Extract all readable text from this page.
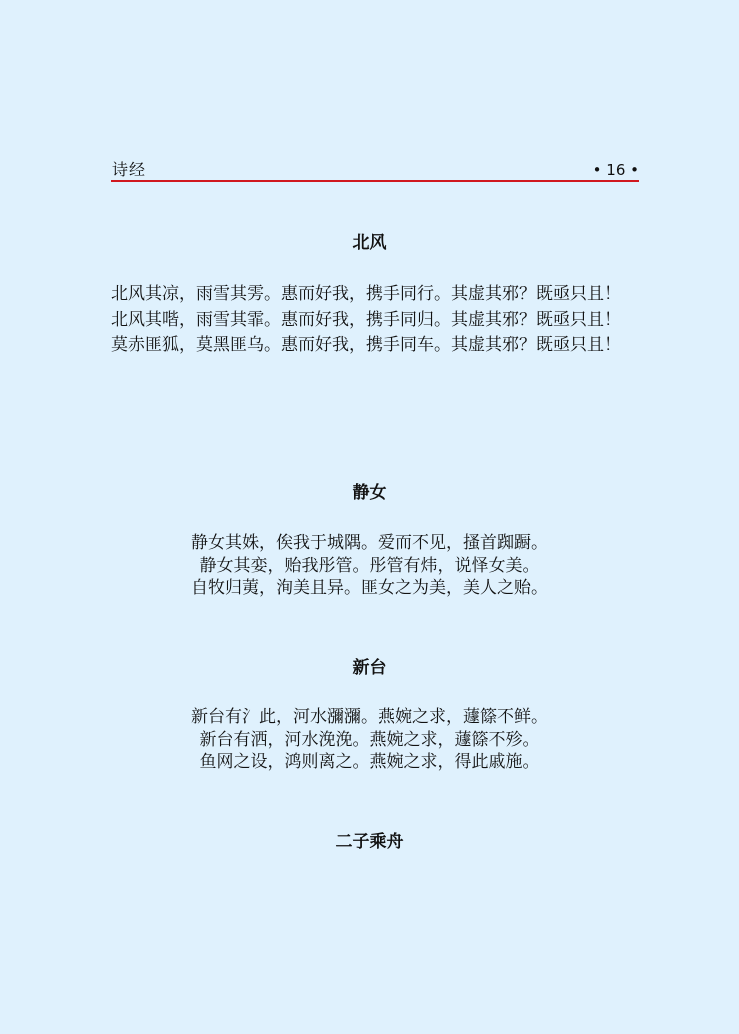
诗经	• 16 •
北风

北风其凉，雨雪其雱。惠而好我，携手同行。其虚其邪？既亟只且！

北风其喈，雨雪其霏。惠而好我，携手同归。其虚其邪？既亟只且！

莫赤匪狐，莫黑匪乌。惠而好我，携手同车。其虚其邪？既亟只且！

静女

静女其姝，俟我于城隅。爱而不见，搔首踟蹰。

静女其娈，贻我彤管。彤管有炜，说怿女美。

自牧归荑，洵美且异。匪女之为美，美人之贻。

新台

新台有氵此，河水瀰瀰。燕婉之求，蘧篨不鲜。

新台有洒，河水浼浼。燕婉之求，蘧篨不殄。

鱼网之设，鸿则离之。燕婉之求，得此戚施。

二子乘舟
